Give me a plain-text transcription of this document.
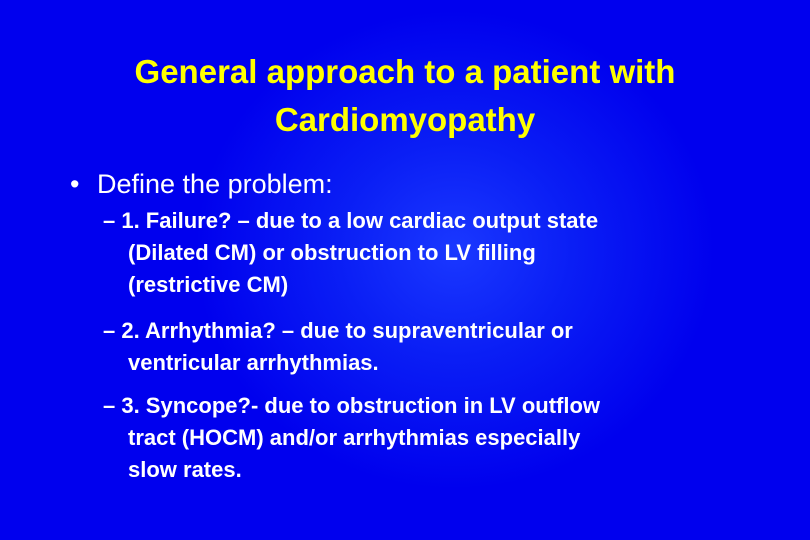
General approach to a patient with
Cardiomyopathy
• Define the problem:
– 1. Failure? – due to a low cardiac output state
(Dilated CM) or obstruction to LV filling
(restrictive CM)
– 2. Arrhythmia? – due to supraventricular or
ventricular arrhythmias.
– 3. Syncope?- due to obstruction in LV outflow
tract (HOCM) and/or arrhythmias especially
slow rates.
